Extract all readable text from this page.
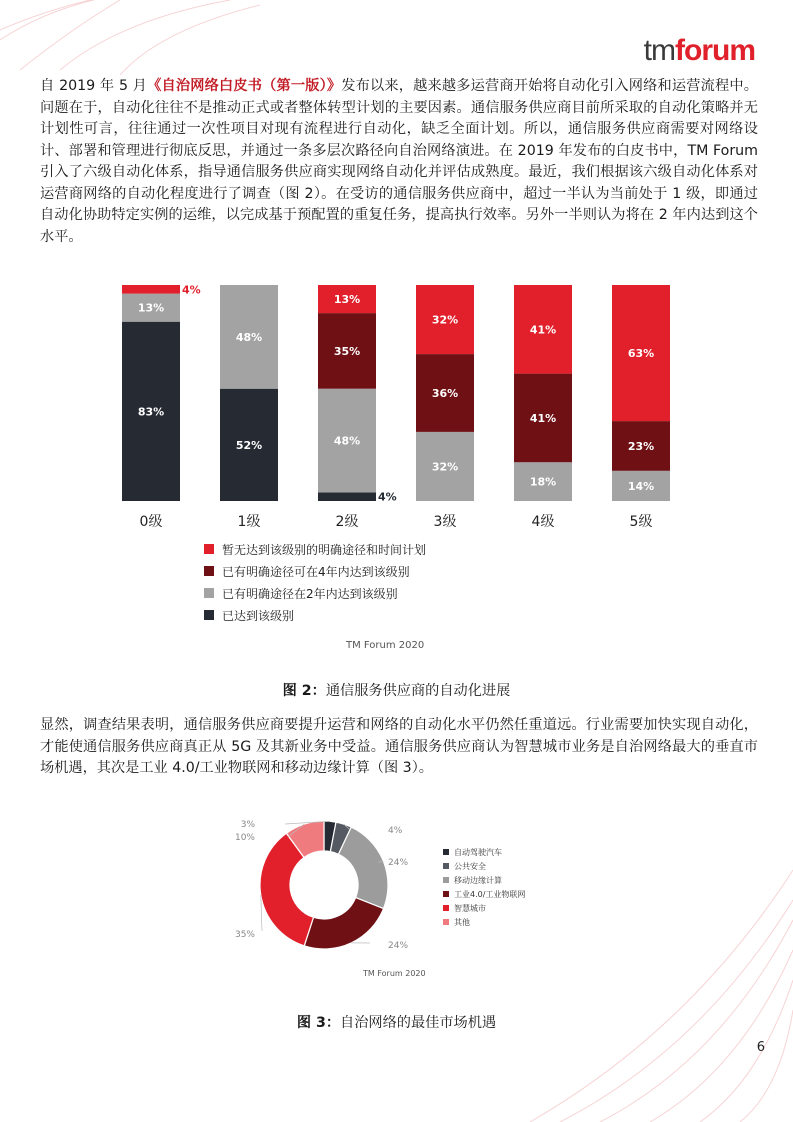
tmforum

自 2019 年 5 月《自治网络白皮书（第一版）》发布以来，越来越多运营商开始将自动化引入网络和运营流程中。问题在于，自动化往往不是推动正式或者整体转型计划的主要因素。通信服务供应商目前所采取的自动化策略并无计划性可言，往往通过一次性项目对现有流程进行自动化，缺乏全面计划。所以，通信服务供应商需要对网络设计、部署和管理进行彻底反思，并通过一条多层次路径向自治网络演进。在 2019 年发布的白皮书中，TM Forum 引入了六级自动化体系，指导通信服务供应商实现网络自动化并评估成熟度。最近，我们根据该六级自动化体系对运营商网络的自动化程度进行了调查（图 2）。在受访的通信服务供应商中，超过一半认为当前处于 1 级，即通过自动化协助特定实例的运维，以完成基于预配置的重复任务，提高执行效率。另外一半则认为将在 2 年内达到这个水平。

83%
13%
4%
52%
48%
4%
48%
35%
13%
32%
36%
32%
18%
41%
41%
14%
23%
63%
0级	1级	2级	3级	4级	5级
暂无达到该级别的明确途径和时间计划
已有明确途径可在4年内达到该级别
已有明确途径在2年内达到该级别
已达到该级别
TM Forum 2020
图 2：通信服务供应商的自动化进展

显然，调查结果表明，通信服务供应商要提升运营和网络的自动化水平仍然任重道远。行业需要加快实现自动化，才能使通信服务供应商真正从 5G 及其新业务中受益。通信服务供应商认为智慧城市业务是自治网络最大的垂直市场机遇，其次是工业 4.0/工业物联网和移动边缘计算（图 3）。

3%
4%
24%
24%
35%
10%
自动驾驶汽车
公共安全
移动边缘计算
工业4.0/工业物联网
智慧城市
其他
TM Forum 2020
图 3：自治网络的最佳市场机遇
6
